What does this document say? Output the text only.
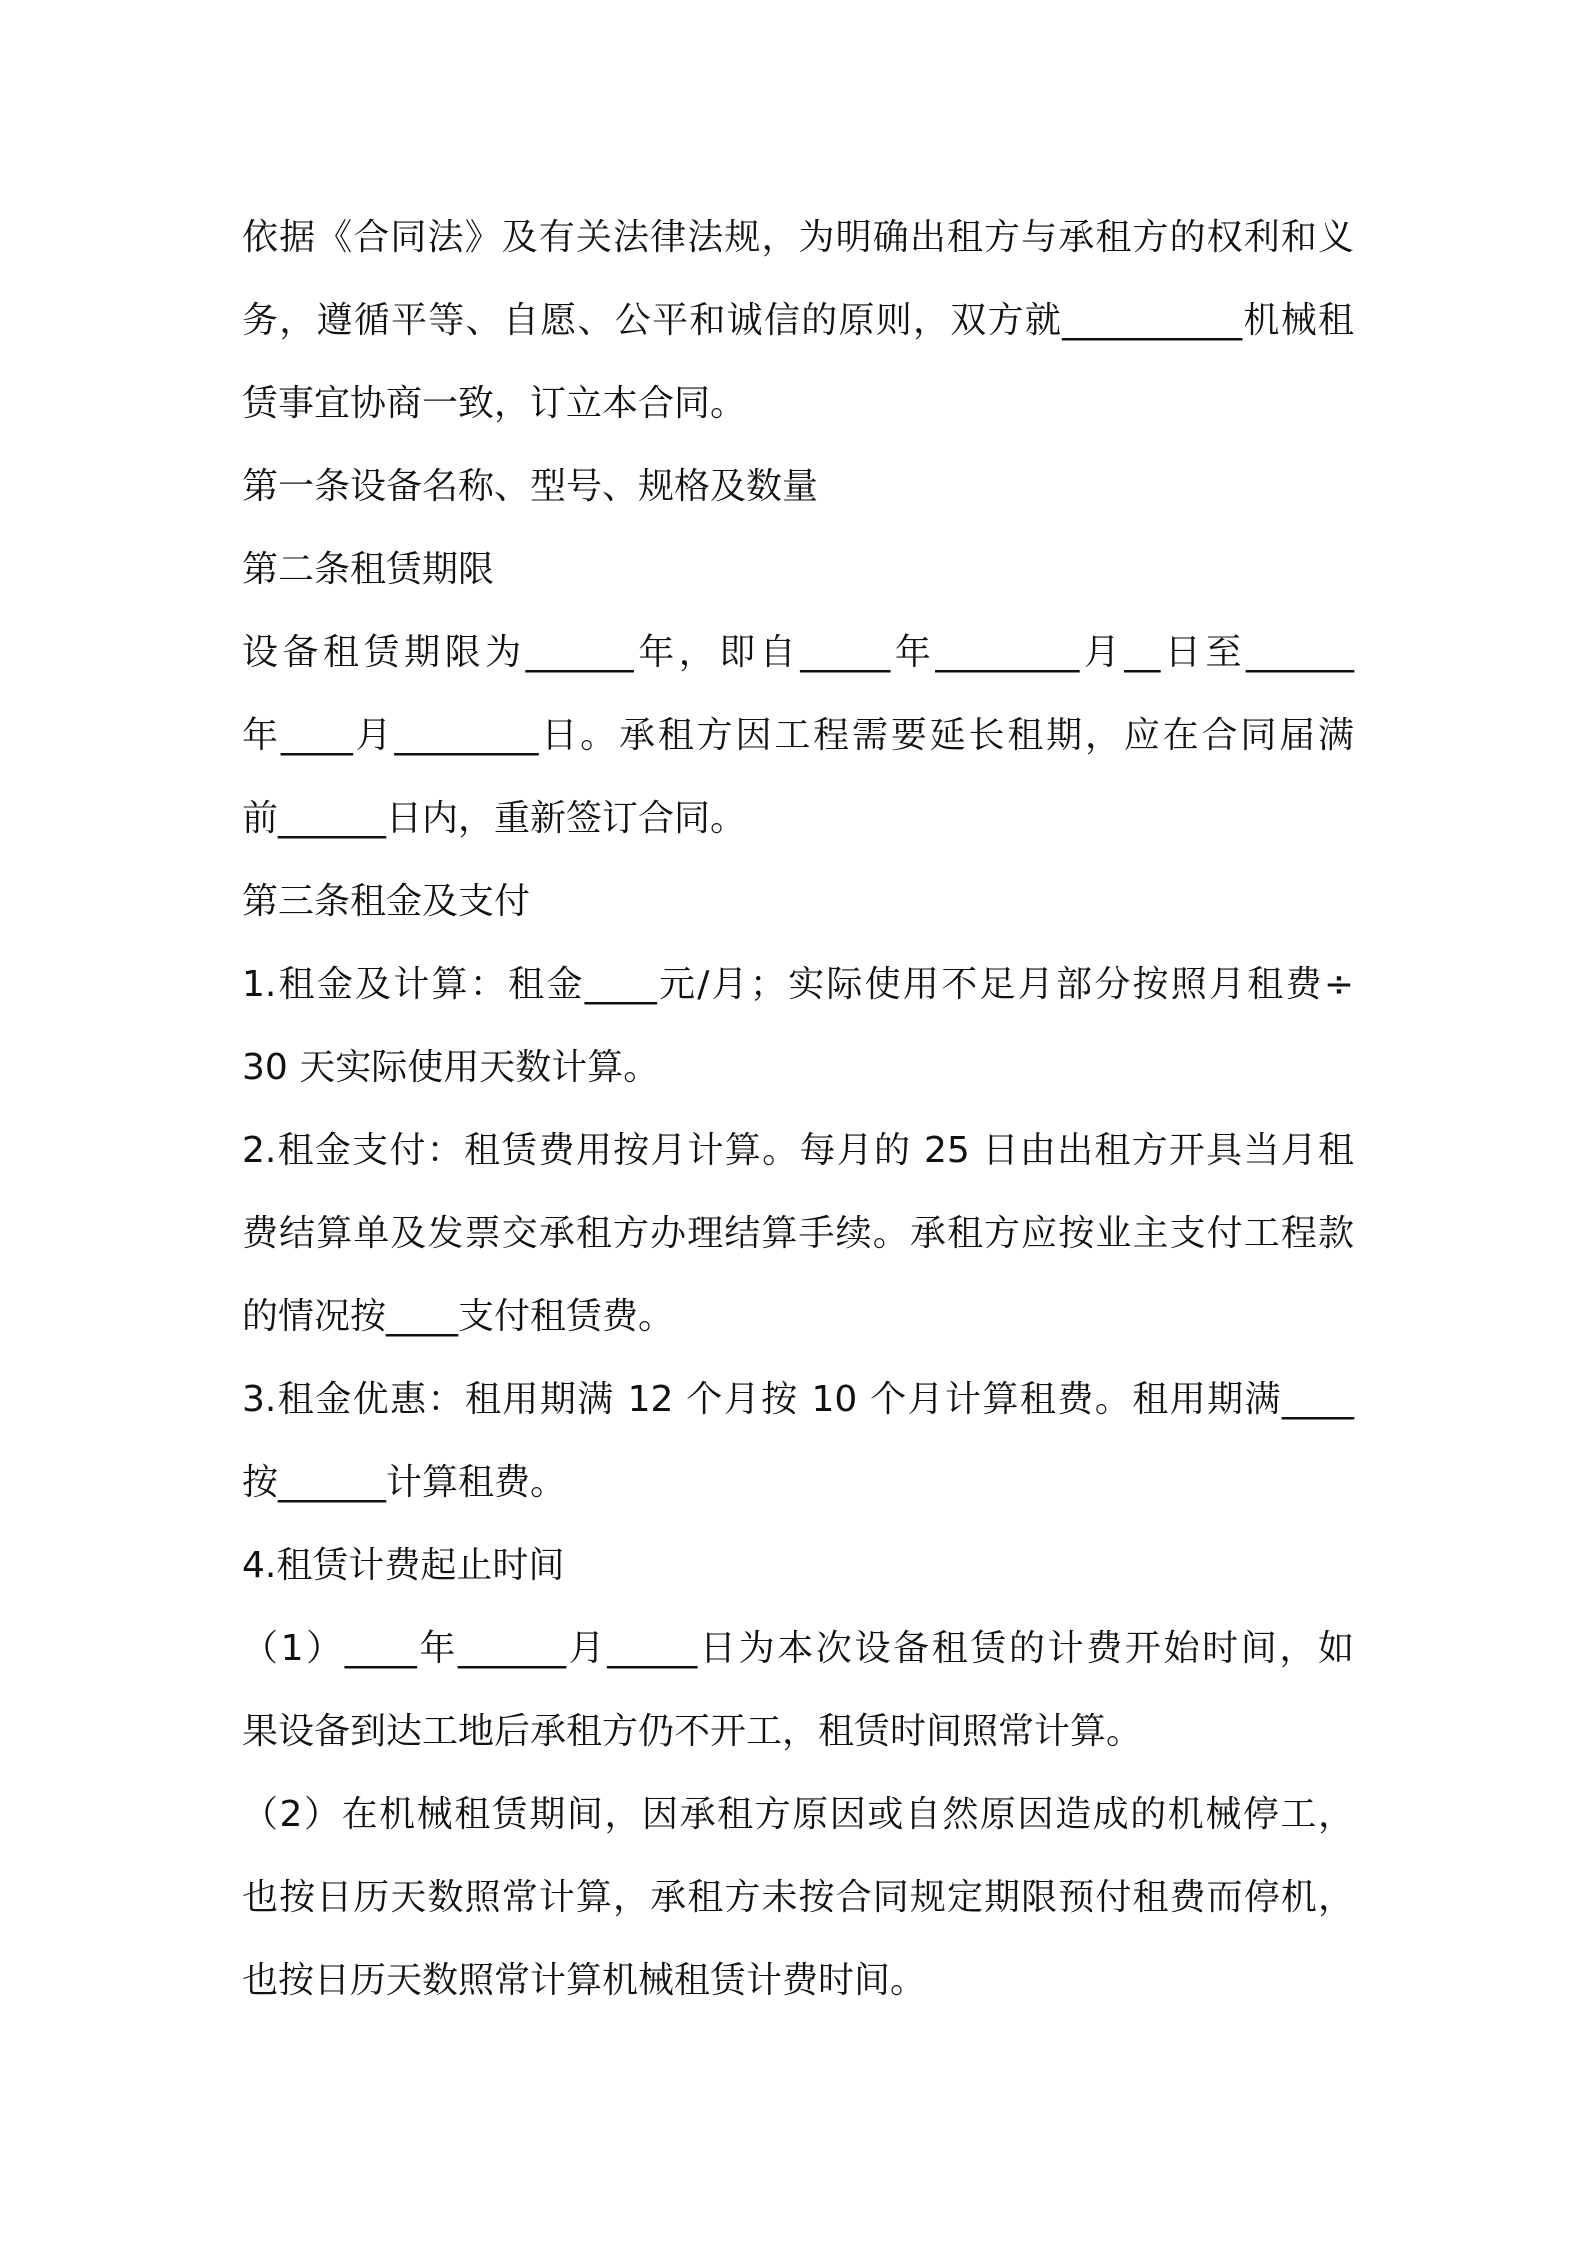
依据《合同法》及有关法律法规，为明确出租方与承租方的权利和义
务，遵循平等、自愿、公平和诚信的原则，双方就__________机械租
赁事宜协商一致，订立本合同。
第一条设备名称、型号、规格及数量
第二条租赁期限
设备租赁期限为______年，即自_____年________月__日至______
年____月________日。承租方因工程需要延长租期，应在合同届满
前______日内，重新签订合同。
第三条租金及支付
1.租金及计算：租金____元/月；实际使用不足月部分按照月租费÷
30 天实际使用天数计算。
2.租金支付：租赁费用按月计算。每月的 25 日由出租方开具当月租
费结算单及发票交承租方办理结算手续。承租方应按业主支付工程款
的情况按____支付租赁费。
3.租金优惠：租用期满 12 个月按 10 个月计算租费。租用期满____
按______计算租费。
4.租赁计费起止时间
（1）____年______月_____日为本次设备租赁的计费开始时间，如
果设备到达工地后承租方仍不开工，租赁时间照常计算。
（2）在机械租赁期间，因承租方原因或自然原因造成的机械停工，
也按日历天数照常计算，承租方未按合同规定期限预付租费而停机，
也按日历天数照常计算机械租赁计费时间。
